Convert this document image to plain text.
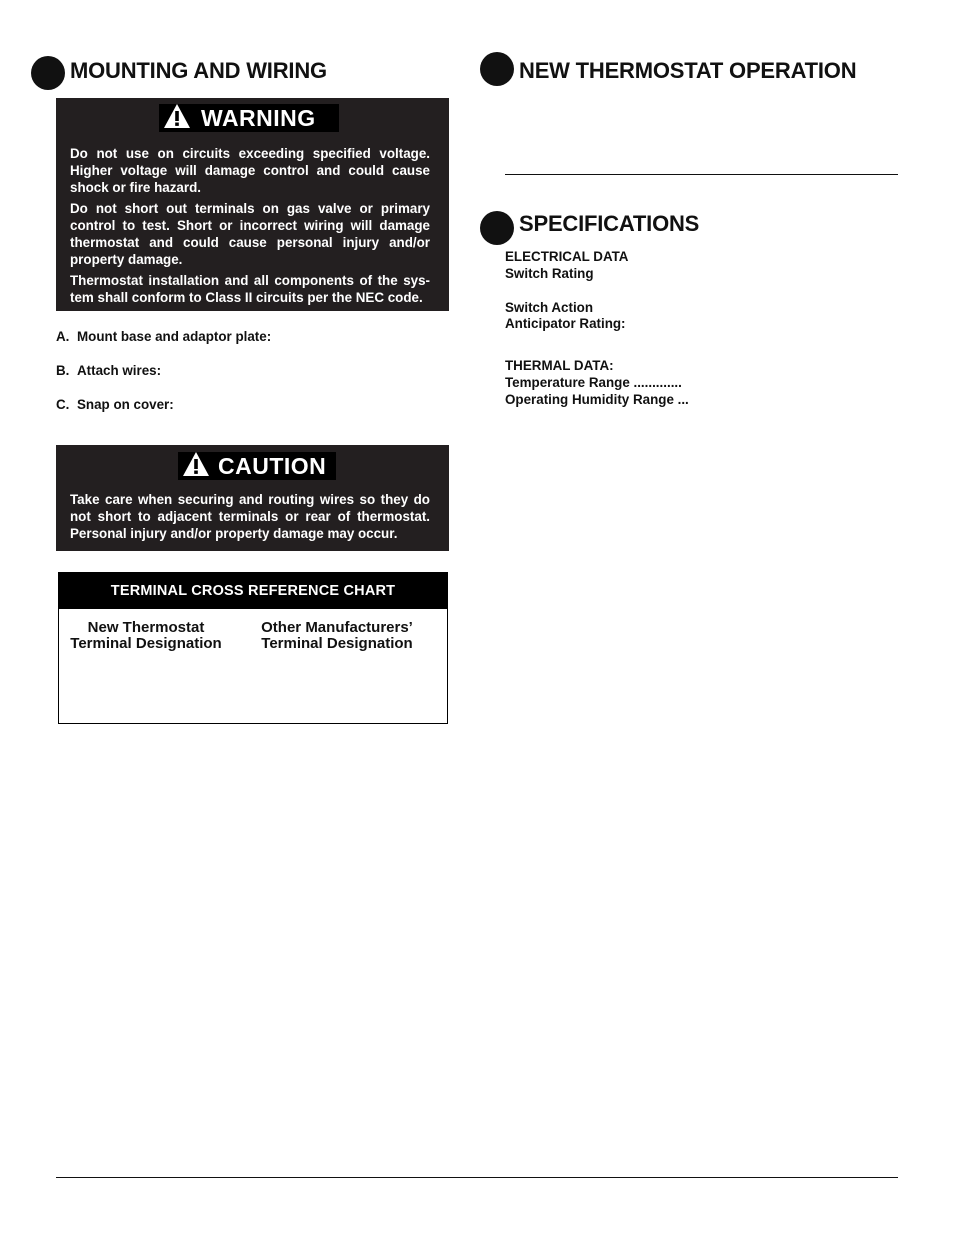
MOUNTING AND WIRING
WARNING

Do not use on circuits exceeding specified voltage. Higher voltage will damage control and could cause shock or fire hazard.

Do not short out terminals on gas valve or primary control to test. Short or incorrect wiring will damage thermostat and could cause personal injury and/or property damage.

Thermostat installation and all components of the sys-tem shall conform to Class II circuits per the NEC code.

A. Mount base and adaptor plate:
B. Attach wires:
C. Snap on cover:
CAUTION
Take care when securing and routing wires so they do not short to adjacent terminals or rear of thermostat. Personal injury and/or property damage may occur.
TERMINAL CROSS REFERENCE CHART
New Thermostat
Terminal Designation
Other Manufacturers’
Terminal Designation
NEW THERMOSTAT OPERATION
SPECIFICATIONS
ELECTRICAL DATA
Switch Rating
Switch Action
Anticipator Rating:
THERMAL DATA:
Temperature Range .............
Operating Humidity Range ...
